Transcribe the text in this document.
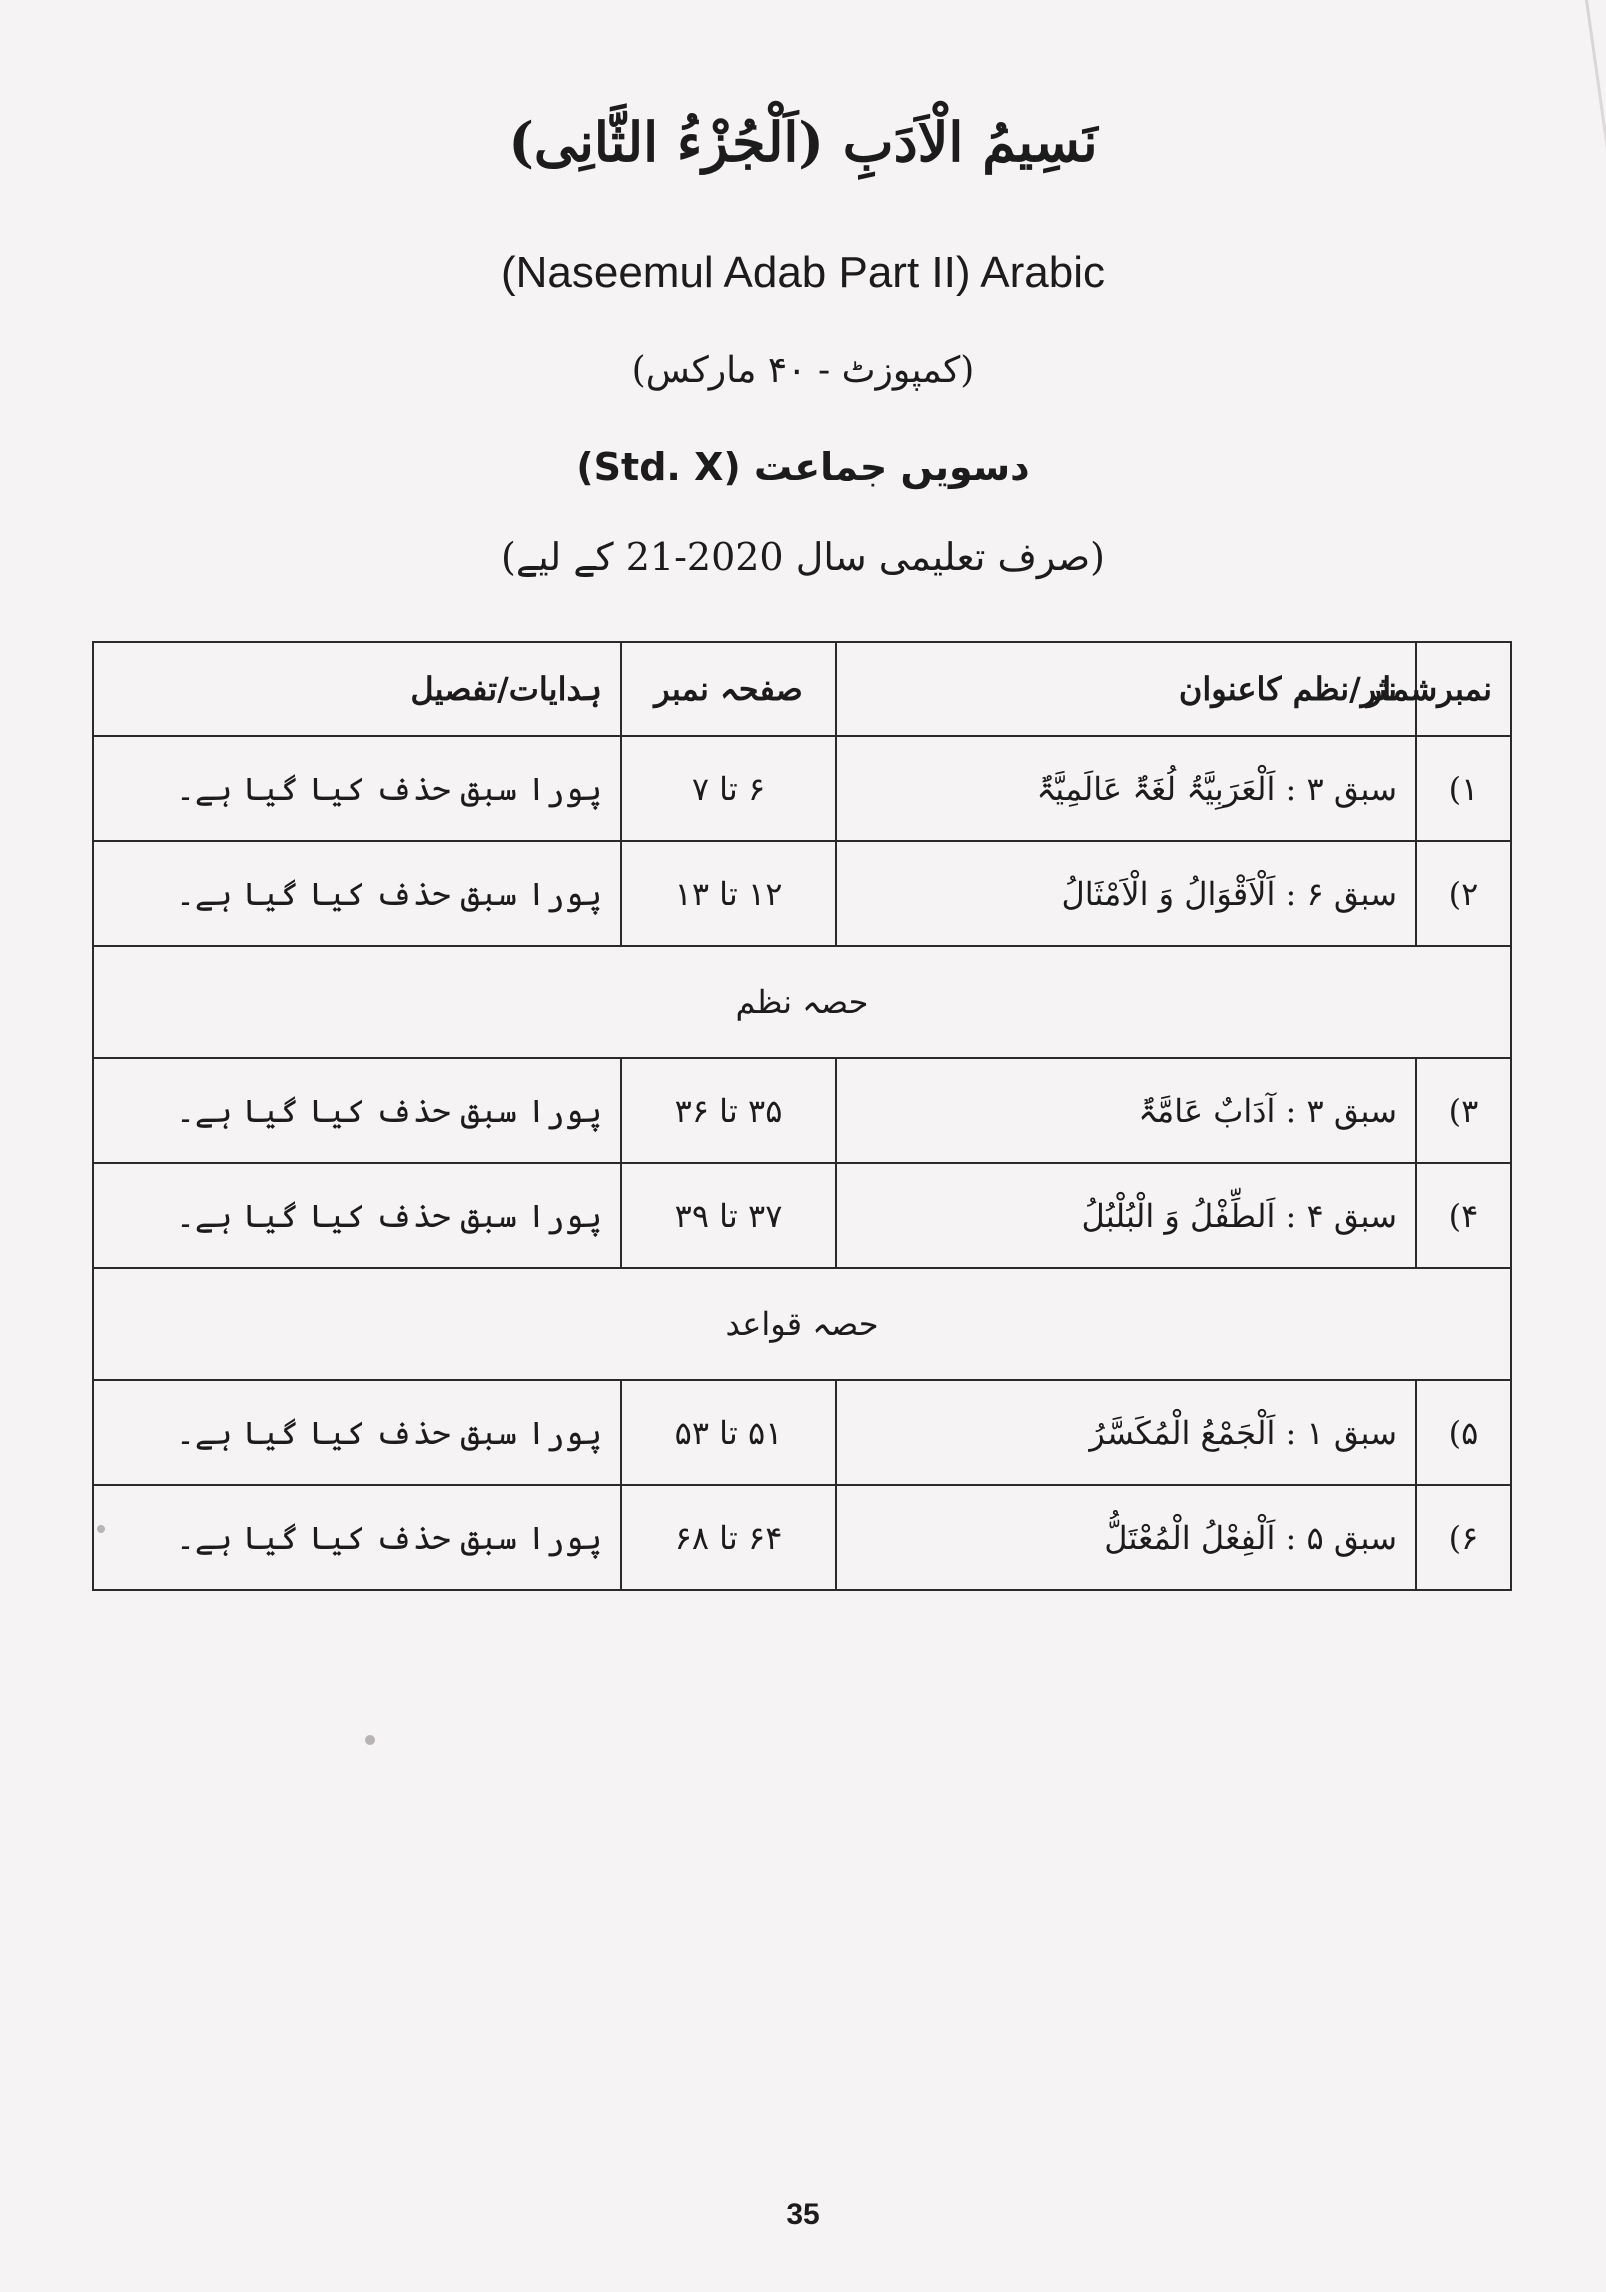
نَسِیمُ الْاَدَبِ (اَلْجُزْءُ الثَّانِی)
(Naseemul Adab Part II) Arabic
(کمپوزٹ - ۴۰ مارکس)
دسویں جماعت (Std. X)
(صرف تعلیمی سال 2020-21 کے لیے)
نمبرشمار	نثر/نظم کاعنوان	صفحہ نمبر	ہدایات/تفصیل
۱)	سبق ۳ : اَلْعَرَبِیَّۃُ لُغَۃٌ عَالَمِیَّۃٌ	۶ تا ۷	پورا سبق حذف کیا گیا ہے۔
۲)	سبق ۶ : اَلْاَقْوَالُ وَ الْاَمْثَالُ	۱۲ تا ۱۳	پورا سبق حذف کیا گیا ہے۔
حصہ نظم			
۳)	سبق ۳ : آدَابٌ عَامَّۃٌ	۳۵ تا ۳۶	پورا سبق حذف کیا گیا ہے۔
۴)	سبق ۴ : اَلطِّفْلُ وَ الْبُلْبُلُ	۳۷ تا ۳۹	پورا سبق حذف کیا گیا ہے۔
حصہ قواعد			
۵)	سبق ۱ : اَلْجَمْعُ الْمُکَسَّرُ	۵۱ تا ۵۳	پورا سبق حذف کیا گیا ہے۔
۶)	سبق ۵ : اَلْفِعْلُ الْمُعْتَلُّ	۶۴ تا ۶۸	پورا سبق حذف کیا گیا ہے۔
35
